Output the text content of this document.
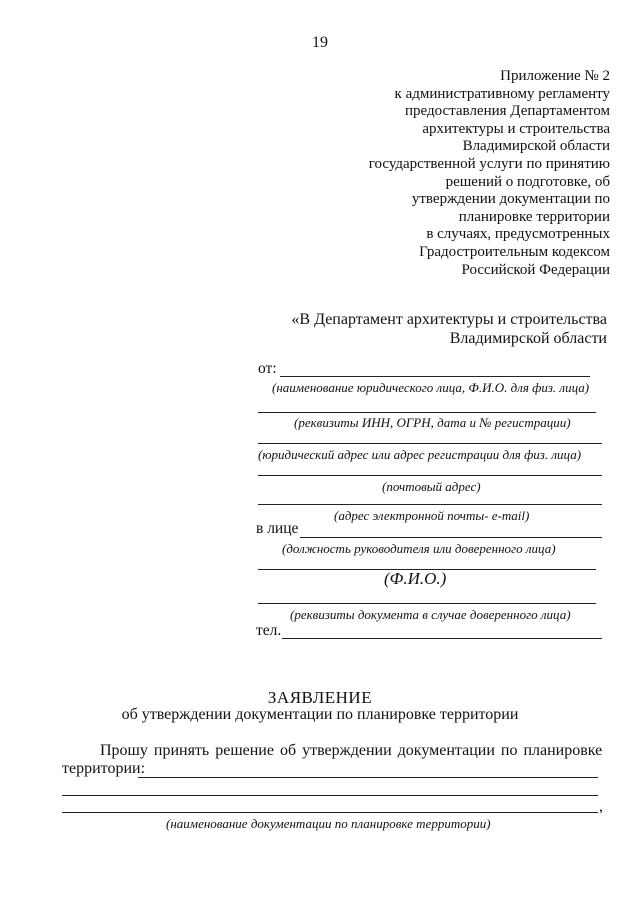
19
Приложение № 2
к административному регламенту
предоставления Департаментом
архитектуры и строительства
Владимирской области
государственной услуги по принятию
решений о подготовке, об
утверждении документации по
планировке территории
в случаях, предусмотренных
Градостроительным кодексом
Российской Федерации
«В Департамент архитектуры и строительства
Владимирской области
от:
(наименование юридического лица, Ф.И.О. для физ. лица)
(реквизиты ИНН, ОГРН, дата и № регистрации)
(юридический адрес или адрес регистрации для физ. лица)
(почтовый адрес)
(адрес электронной почты- e-mail)
в лице
(должность руководителя или доверенного лица)
(Ф.И.О.)
(реквизиты документа в случае доверенного лица)
тел.
ЗАЯВЛЕНИЕ
об утверждении документации по планировке территории
Прошу принять решение об утверждении документации по планировке
территории:
,
(наименование документации по планировке территории)
